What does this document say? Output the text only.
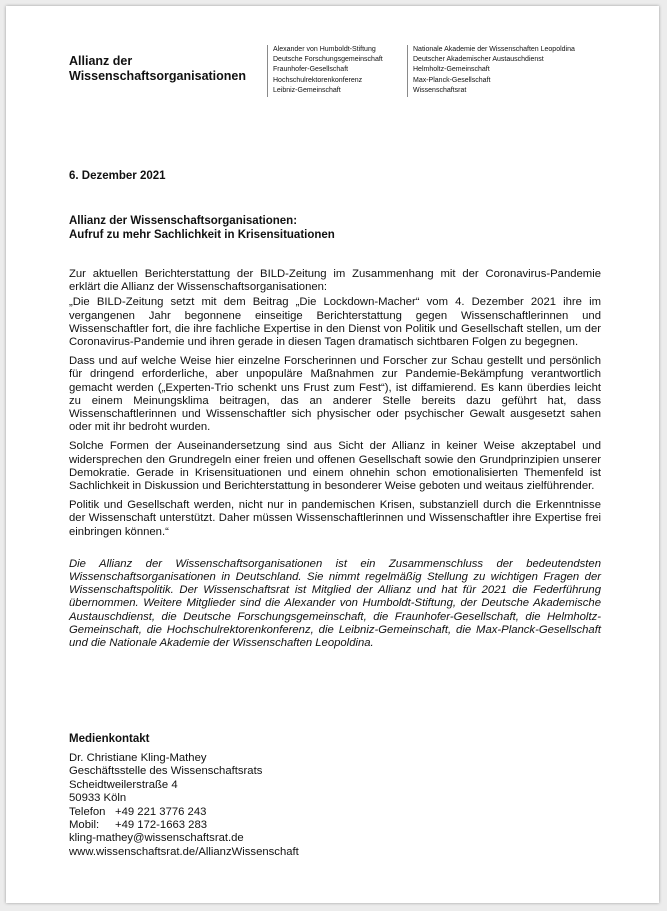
Allianz der
Wissenschaftsorganisationen
Alexander von Humboldt-Stiftung
Deutsche Forschungsgemeinschaft
Fraunhofer-Gesellschaft
Hochschulrektorenkonferenz
Leibniz-Gemeinschaft
Nationale Akademie der Wissenschaften Leopoldina
Deutscher Akademischer Austauschdienst
Helmholtz-Gemeinschaft
Max-Planck-Gesellschaft
Wissenschaftsrat

6. Dezember 2021

Allianz der Wissenschaftsorganisationen:
Aufruf zu mehr Sachlichkeit in Krisensituationen

Zur aktuellen Berichterstattung der BILD-Zeitung im Zusammenhang mit der Coronavirus-Pandemie erklärt die Allianz der Wissenschaftsorganisationen:

„Die BILD-Zeitung setzt mit dem Beitrag „Die Lockdown-Macher“ vom 4. Dezember 2021 ihre im vergangenen Jahr begonnene einseitige Berichterstattung gegen Wissenschaftlerinnen und Wissenschaftler fort, die ihre fachliche Expertise in den Dienst von Politik und Gesellschaft stellen, um der Coronavirus-Pandemie und ihren gerade in diesen Tagen dramatisch sichtbaren Folgen zu begegnen.

Dass und auf welche Weise hier einzelne Forscherinnen und Forscher zur Schau gestellt und persönlich für dringend erforderliche, aber unpopuläre Maßnahmen zur Pandemie-Bekämpfung verantwortlich gemacht werden („Experten-Trio schenkt uns Frust zum Fest“), ist diffamierend. Es kann überdies leicht zu einem Meinungsklima beitragen, das an anderer Stelle bereits dazu geführt hat, dass Wissenschaftlerinnen und Wissenschaftler sich physischer oder psychischer Gewalt ausgesetzt sahen oder mit ihr bedroht wurden.

Solche Formen der Auseinandersetzung sind aus Sicht der Allianz in keiner Weise akzeptabel und widersprechen den Grundregeln einer freien und offenen Gesellschaft sowie den Grundprinzipien unserer Demokratie. Gerade in Krisensituationen und einem ohnehin schon emotionalisierten Themenfeld ist Sachlichkeit in Diskussion und Berichterstattung in besonderer Weise geboten und weitaus zielführender.

Politik und Gesellschaft werden, nicht nur in pandemischen Krisen, substanziell durch die Erkenntnisse der Wissenschaft unterstützt. Daher müssen Wissenschaftlerinnen und Wissenschaftler ihre Expertise frei einbringen können.“

Die Allianz der Wissenschaftsorganisationen ist ein Zusammenschluss der bedeutendsten Wissenschaftsorganisationen in Deutschland. Sie nimmt regelmäßig Stellung zu wichtigen Fragen der Wissenschaftspolitik. Der Wissenschaftsrat ist Mitglied der Allianz und hat für 2021 die Federführung übernommen. Weitere Mitglieder sind die Alexander von Humboldt-Stiftung, der Deutsche Akademische Austauschdienst, die Deutsche Forschungsgemeinschaft, die Fraunhofer-Gesellschaft, die Helmholtz-Gemeinschaft, die Hochschulrektorenkonferenz, die Leibniz-Gemeinschaft, die Max-Planck-Gesellschaft und die Nationale Akademie der Wissenschaften Leopoldina.

Medienkontakt
Dr. Christiane Kling-Mathey
Geschäftsstelle des Wissenschaftsrats
Scheidtweilerstraße 4
50933 Köln
Telefon +49 221 3776 243
Mobil: +49 172-1663 283
kling-mathey@wissenschaftsrat.de
www.wissenschaftsrat.de/AllianzWissenschaft
